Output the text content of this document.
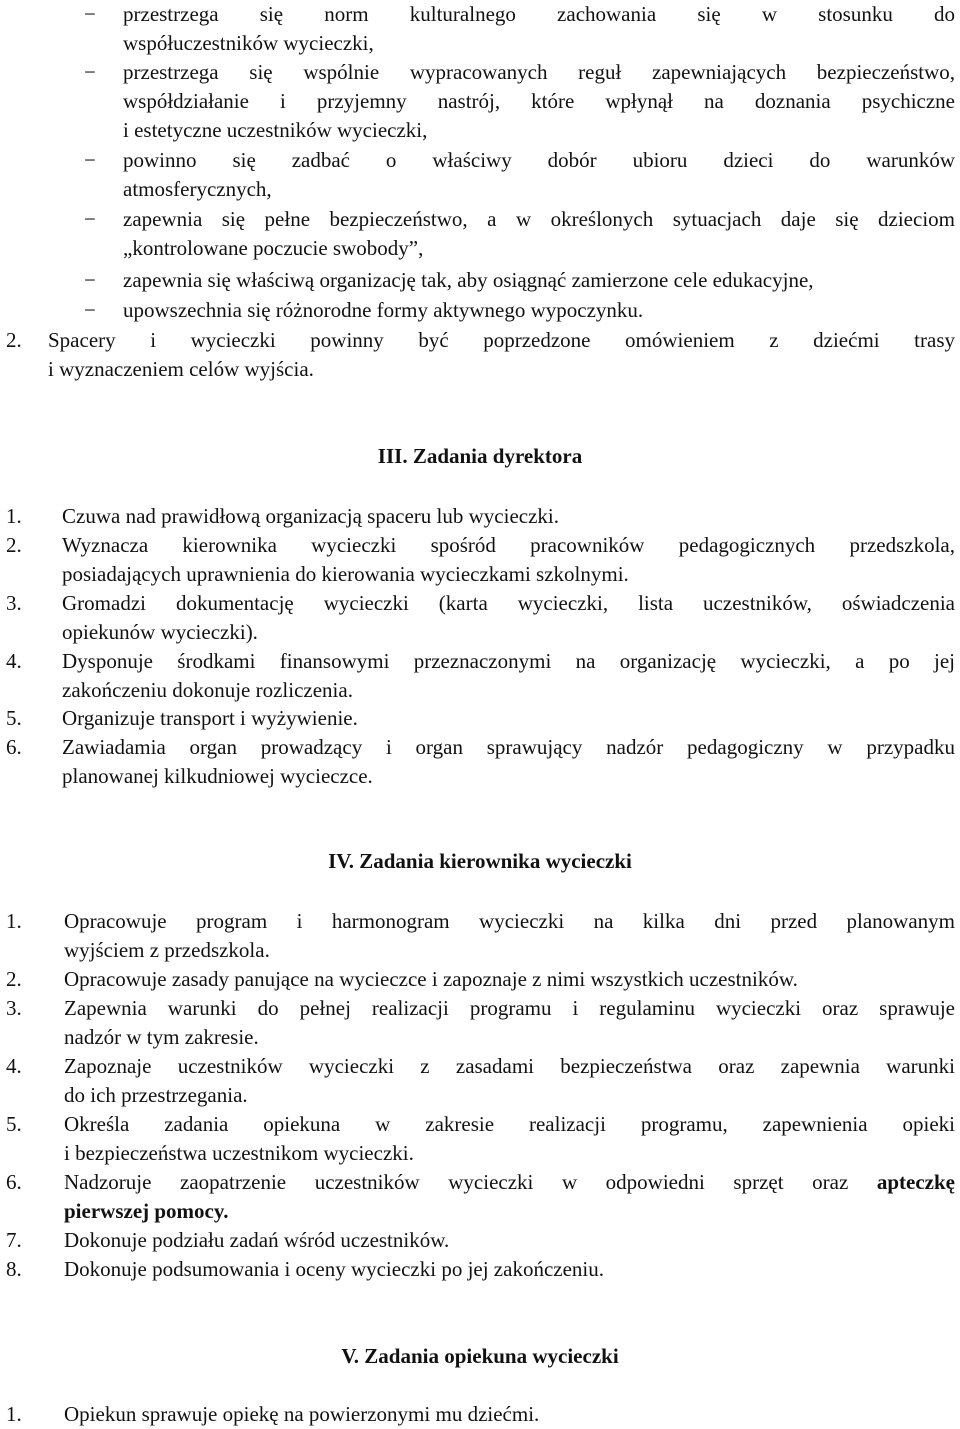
− przestrzega się norm kulturalnego zachowania się w stosunku do
współuczestników wycieczki,
− przestrzega się wspólnie wypracowanych reguł zapewniających bezpieczeństwo,
współdziałanie i przyjemny nastrój, które wpłynął na doznania psychiczne
i estetyczne uczestników wycieczki,
− powinno się zadbać o właściwy dobór ubioru dzieci do warunków
atmosferycznych,
− zapewnia się pełne bezpieczeństwo, a w określonych sytuacjach daje się dzieciom
„kontrolowane poczucie swobody”,
− zapewnia się właściwą organizację tak, aby osiągnąć zamierzone cele edukacyjne,
− upowszechnia się różnorodne formy aktywnego wypoczynku.
2. Spacery i wycieczki powinny być poprzedzone omówieniem z dziećmi trasy
i wyznaczeniem celów wyjścia.
III. Zadania dyrektora
1. Czuwa nad prawidłową organizacją spaceru lub wycieczki.
2. Wyznacza kierownika wycieczki spośród pracowników pedagogicznych przedszkola,
posiadających uprawnienia do kierowania wycieczkami szkolnymi.
3. Gromadzi dokumentację wycieczki (karta wycieczki, lista uczestników, oświadczenia
opiekunów wycieczki).
4. Dysponuje środkami finansowymi przeznaczonymi na organizację wycieczki, a po jej
zakończeniu dokonuje rozliczenia.
5. Organizuje transport i wyżywienie.
6. Zawiadamia organ prowadzący i organ sprawujący nadzór pedagogiczny w przypadku
planowanej kilkudniowej wycieczce.
IV. Zadania kierownika wycieczki
1. Opracowuje program i harmonogram wycieczki na kilka dni przed planowanym
wyjściem z przedszkola.
2. Opracowuje zasady panujące na wycieczce i zapoznaje z nimi wszystkich uczestników.
3. Zapewnia warunki do pełnej realizacji programu i regulaminu wycieczki oraz sprawuje
nadzór w tym zakresie.
4. Zapoznaje uczestników wycieczki z zasadami bezpieczeństwa oraz zapewnia warunki
do ich przestrzegania.
5. Określa zadania opiekuna w zakresie realizacji programu, zapewnienia opieki
i bezpieczeństwa uczestnikom wycieczki.
6. Nadzoruje zaopatrzenie uczestników wycieczki w odpowiedni sprzęt oraz apteczkę
pierwszej pomocy.
7. Dokonuje podziału zadań wśród uczestników.
8. Dokonuje podsumowania i oceny wycieczki po jej zakończeniu.
V. Zadania opiekuna wycieczki
1. Opiekun sprawuje opiekę na powierzonymi mu dziećmi.
